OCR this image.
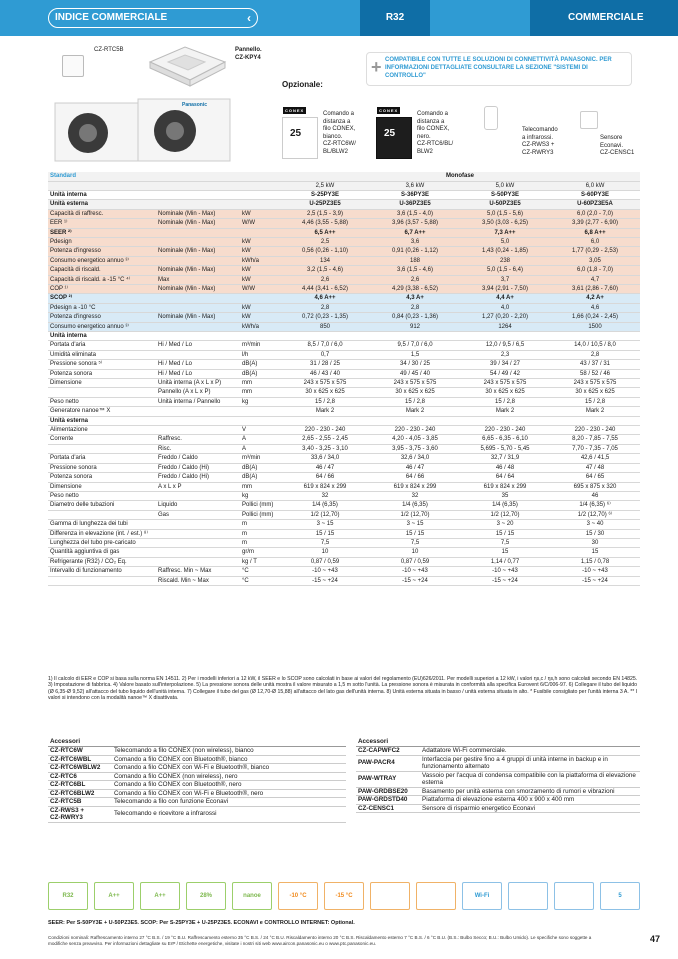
INDICE COMMERCIALE	‹	R32	COMMERCIALE
CZ-RTC5B	Pannello.
CZ-KPY4
Panasonic
+ COMPATIBILE CON TUTTE LE SOLUZIONI DI CONNETTIVITÀ PANASONIC. PER INFORMAZIONI DETTAGLIATE CONSULTARE LA SEZIONE "SISTEMI DI CONTROLLO"
Opzionale:
CONEX
25
Comando a
distanza a
filo CONEX,
bianco.
CZ-RTC6W/
BL/BLW2
CONEX
25
Comando a
distanza a
filo CONEX,
nero.
CZ-RTC6/BL/
BLW2
Telecomando
a infrarossi.
CZ-RWS3 +
CZ-RWRY3
Sensore
Econavi.
CZ-CENSC1
Standard			Monofase			
			2,5 kW	3,6 kW	5,0 kW	6,0 kW
Unità interna			S-25PY3E	S-36PY3E	S-50PY3E	S-60PY3E
Unità esterna			U-25PZ3E5	U-36PZ3E5	U-50PZ3E5	U-60PZ3E5A
Capacità di raffresc.	Nominale (Min - Max)	kW	2,5 (1,5 - 3,9)	3,6 (1,5 - 4,0)	5,0 (1,5 - 5,6)	6,0 (2,0 - 7,0)
EER ¹⁾	Nominale (Min - Max)	W/W	4,46 (3,55 - 5,88)	3,96 (3,57 - 5,88)	3,50 (3,03 - 6,25)	3,39 (2,77 - 6,90)
SEER ²⁾			6,5 A++	6,7 A++	7,3 A++	6,8 A++
Pdesign		kW	2,5	3,6	5,0	6,0
Potenza d'ingresso	Nominale (Min - Max)	kW	0,56 (0,26 - 1,10)	0,91 (0,26 - 1,12)	1,43 (0,24 - 1,85)	1,77 (0,29 - 2,53)
Consumo energetico annuo ³⁾		kWh/a	134	188	238	3,05
Capacità di riscald.	Nominale (Min - Max)	kW	3,2 (1,5 - 4,6)	3,6 (1,5 - 4,6)	5,0 (1,5 - 6,4)	6,0 (1,8 - 7,0)
Capacità di riscald. a -15 °C ⁴⁾	Max	kW	2,6	2,6	3,7	4,7
COP ¹⁾	Nominale (Min - Max)	W/W	4,44 (3,41 - 6,52)	4,29 (3,38 - 6,52)	3,94 (2,91 - 7,50)	3,61 (2,86 - 7,60)
SCOP ²⁾			4,6 A++	4,3 A+	4,4 A+	4,2 A+
Pdesign a -10 °C		kW	2,8	2,8	4,0	4,6
Potenza d'ingresso	Nominale (Min - Max)	kW	0,72 (0,23 - 1,35)	0,84 (0,23 - 1,36)	1,27 (0,20 - 2,20)	1,66 (0,24 - 2,45)
Consumo energetico annuo ³⁾		kWh/a	850	912	1264	1500
Unità interna						
Portata d'aria	Hi / Med / Lo	m³/min	8,5 / 7,0 / 6,0	9,5 / 7,0 / 6,0	12,0 / 9,5 / 6,5	14,0 / 10,5 / 8,0
Umidità eliminata		l/h	0,7	1,5	2,3	2,8
Pressione sonora ⁵⁾	Hi / Med / Lo	dB(A)	31 / 28 / 25	34 / 30 / 25	39 / 34 / 27	43 / 37 / 31
Potenza sonora	Hi / Med / Lo	dB(A)	46 / 43 / 40	49 / 45 / 40	54 / 49 / 42	58 / 52 / 46
Dimensione	Unità interna (A x L x P)	mm	243 x 575 x 575	243 x 575 x 575	243 x 575 x 575	243 x 575 x 575
	Pannello (A x L x P)	mm	30 x 625 x 625	30 x 625 x 625	30 x 625 x 625	30 x 625 x 625
Peso netto	Unità interna / Pannello	kg	15 / 2,8	15 / 2,8	15 / 2,8	15 / 2,8
Generatore nanoe™ X			Mark 2	Mark 2	Mark 2	Mark 2
Unità esterna						
Alimentazione		V	220 - 230 - 240	220 - 230 - 240	220 - 230 - 240	220 - 230 - 240
Corrente	Raffresc.	A	2,65 - 2,55 - 2,45	4,20 - 4,05 - 3,85	6,65 - 6,35 - 6,10	8,20 - 7,85 - 7,55
	Risc.	A	3,40 - 3,25 - 3,10	3,95 - 3,75 - 3,60	5,695 - 5,70 - 5,45	7,70 - 7,35 - 7,05
Portata d'aria	Freddo / Caldo	m³/min	33,6 / 34,0	32,6 / 34,0	32,7 / 31,9	42,6 / 41,5
Pressione sonora	Freddo / Caldo (Hi)	dB(A)	46 / 47	46 / 47	46 / 48	47 / 48
Potenza sonora	Freddo / Caldo (Hi)	dB(A)	64 / 66	64 / 66	64 / 64	64 / 65
Dimensione	A x L x P	mm	619 x 824 x 299	619 x 824 x 299	619 x 824 x 299	695 x 875 x 320
Peso netto		kg	32	32	35	46
Diametro delle tubazioni	Liquido	Pollici (mm)	1/4 (6,35)	1/4 (6,35)	1/4 (6,35)	1/4 (6,35) ⁶⁾
	Gas	Pollici (mm)	1/2 (12,70)	1/2 (12,70)	1/2 (12,70)	1/2 (12,70) ⁶⁾
Gamma di lunghezza dei tubi		m	3 ~ 15	3 ~ 15	3 ~ 20	3 ~ 40
Differenza in elevazione (int. / est.) ⁸⁾		m	15 / 15	15 / 15	15 / 15	15 / 30
Lunghezza del tubo pre-caricato		m	7,5	7,5	7,5	30
Quantità aggiuntiva di gas		gr/m	10	10	15	15
Refrigerante (R32) / CO₂ Eq.		kg / T	0,87 / 0,59	0,87 / 0,59	1,14 / 0,77	1,15 / 0,78
Intervallo di funzionamento	Raffresc. Min ~ Max	°C	-10 ~ +43	-10 ~ +43	-10 ~ +43	-10 ~ +43
	Riscald. Min ~ Max	°C	-15 ~ +24	-15 ~ +24	-15 ~ +24	-15 ~ +24
1) Il calcolo di EER e COP si basa sulla norma EN 14511. 2) Per i modelli inferiori a 12 kW, il SEER e lo SCOP sono calcolati in base ai valori del regolamento (EU)626/2011. Per modelli superiori a 12 kW, i valori ηs,c / ηs,h sono calcolati secondo EN 14825. 3) Impostazione di fabbrica. 4) Valore basato sull'interpolazione. 5) La pressione sonora delle unità mostra il valore misurato a 1,5 m sotto l'unità. La pressione sonora è misurata in conformità alla specifica Eurovent 6/C/006-97. 6) Collegare il tubo del liquido (Ø 6,35-Ø 9,52) all'attacco del tubo liquido dell'unità interna. 7) Collegare il tubo del gas (Ø 12,70-Ø 15,88) all'attacco del lato gas dell'unità interna. 8) Unità esterna situata in basso / unità esterna situata in alto. * Fusibile consigliato per l'unità interna 3 A. ** I valori si intendono con la modalità nanoe™ X disattivata.
Accessori	
CZ-RTC6W	Telecomando a filo CONEX (non wireless), bianco
CZ-RTC6WBL	Comando a filo CONEX con Bluetooth®, bianco
CZ-RTC6WBLW2	Comando a filo CONEX con Wi-Fi e Bluetooth®, bianco
CZ-RTC6	Comando a filo CONEX (non wireless), nero
CZ-RTC6BL	Comando a filo CONEX con Bluetooth®, nero
CZ-RTC6BLW2	Comando a filo CONEX con Wi-Fi e Bluetooth®, nero
CZ-RTC5B	Telecomando a filo con funzione Econavi
CZ-RWS3 +
CZ-RWRY3	Telecomando e ricevitore a infrarossi
Accessori	
CZ-CAPWFC2	Adattatore Wi-Fi commerciale.
PAW-PACR4	Interfaccia per gestire fino a 4 gruppi di unità interne in backup e in funzionamento alternato
PAW-WTRAY	Vassoio per l'acqua di condensa compatibile con la piattaforma di elevazione esterna
PAW-GRDBSE20	Basamento per unità esterna con smorzamento di rumori e vibrazioni
PAW-GRDSTD40	Piattaforma di elevazione esterna 400 x 900 x 400 mm
CZ-CENSC1	Sensore di risparmio energetico Econavi
R32	A++	A++	28%	nanoe	-10 °C	-15 °C	Wi-Fi	5
SEER: Per S-50PY3E + U-50PZ3E5. SCOP: Per S-25PY3E + U-25PZ3E5. ECONAVI e CONTROLLO INTERNET: Optional.
Condizioni nominali: Raffrescamento interno 27 °C B.S. / 19 °C B.U. Raffrescamento esterno 35 °C B.S. / 24 °C B.U. Riscaldamento interno 20 °C B.S. Riscaldamento esterno 7 °C B.S. / 6 °C B.U. (B.S.: Bulbo Secco; B.U.: Bulbo Umido). Le specifiche sono soggette a modifiche senza preavviso. Per informazioni dettagliate su ErP / Etichette energetiche, visitate i nostri siti web www.aircon.panasonic.eu o www.ptc.panasonic.eu.	47
